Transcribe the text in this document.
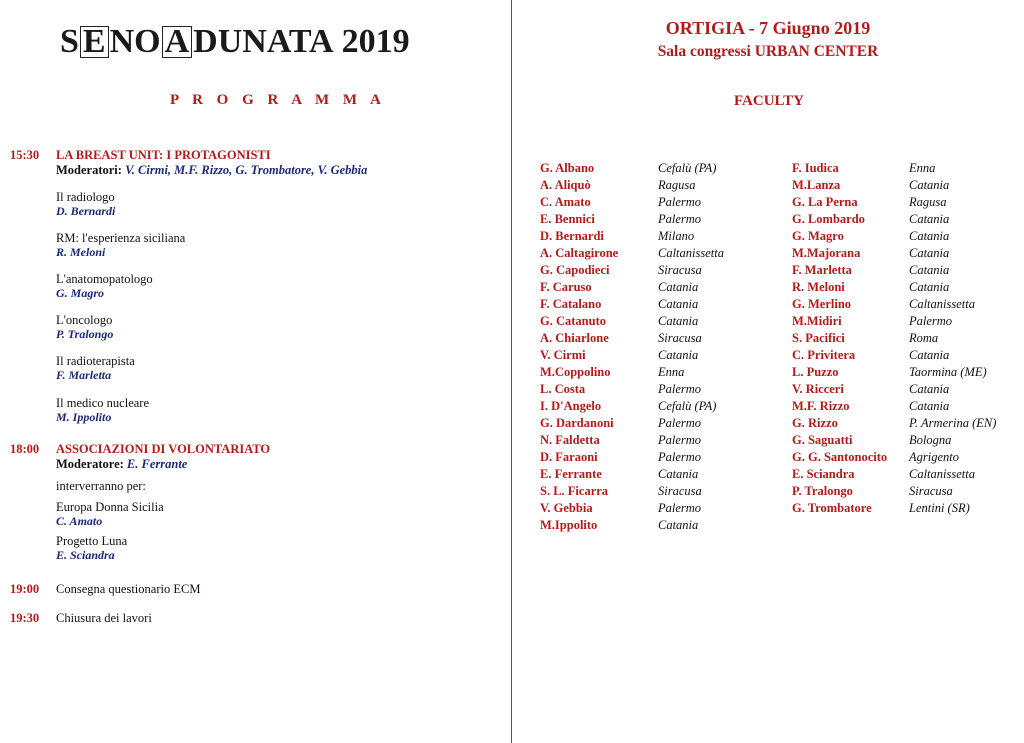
S E NO A DUNATA 2019
P R O G R A M M A
15:30	LA BREAST UNIT: I PROTAGONISTI
Moderatori: V. Cirmi, M.F. Rizzo, G. Trombatore, V. Gebbia
Il radiologo
D. Bernardi
RM: l'esperienza siciliana
R. Meloni
L'anatomopatologo
G. Magro
L'oncologo
P. Tralongo
Il radioterapista
F. Marletta
Il medico nucleare
M. Ippolito
18:00	ASSOCIAZIONI DI VOLONTARIATO
Moderatore: E. Ferrante
interverranno per:
Europa Donna Sicilia
C. Amato
Progetto Luna
E. Sciandra
19:00	Consegna questionario ECM
19:30	Chiusura dei lavori
ORTIGIA - 7 Giugno 2019
Sala congressi URBAN CENTER
FACULTY
G. Albano	Cefalù (PA)
A. Aliquò	Ragusa
C. Amato	Palermo
E. Bennici	Palermo
D. Bernardi	Milano
A. Caltagirone	Caltanissetta
G. Capodieci	Siracusa
F. Caruso	Catania
F. Catalano	Catania
G. Catanuto	Catania
A. Chiarlone	Siracusa
V. Cirmi	Catania
M.Coppolino	Enna
L. Costa	Palermo
I. D'Angelo	Cefalù (PA)
G. Dardanoni	Palermo
N. Faldetta	Palermo
D. Faraoni	Palermo
E. Ferrante	Catania
S. L. Ficarra	Siracusa
V. Gebbia	Palermo
M.Ippolito	Catania
F. Iudica	Enna
M.Lanza	Catania
G. La Perna	Ragusa
G. Lombardo	Catania
G. Magro	Catania
M.Majorana	Catania
F. Marletta	Catania
R. Meloni	Catania
G. Merlino	Caltanissetta
M.Midiri	Palermo
S. Pacifici	Roma
C. Privitera	Catania
L. Puzzo	Taormina (ME)
V. Ricceri	Catania
M.F. Rizzo	Catania
G. Rizzo	P. Armerina (EN)
G. Saguatti	Bologna
G. G. Santonocito Agrigento
E. Sciandra	Caltanissetta
P. Tralongo	Siracusa
G. Trombatore	Lentini (SR)
